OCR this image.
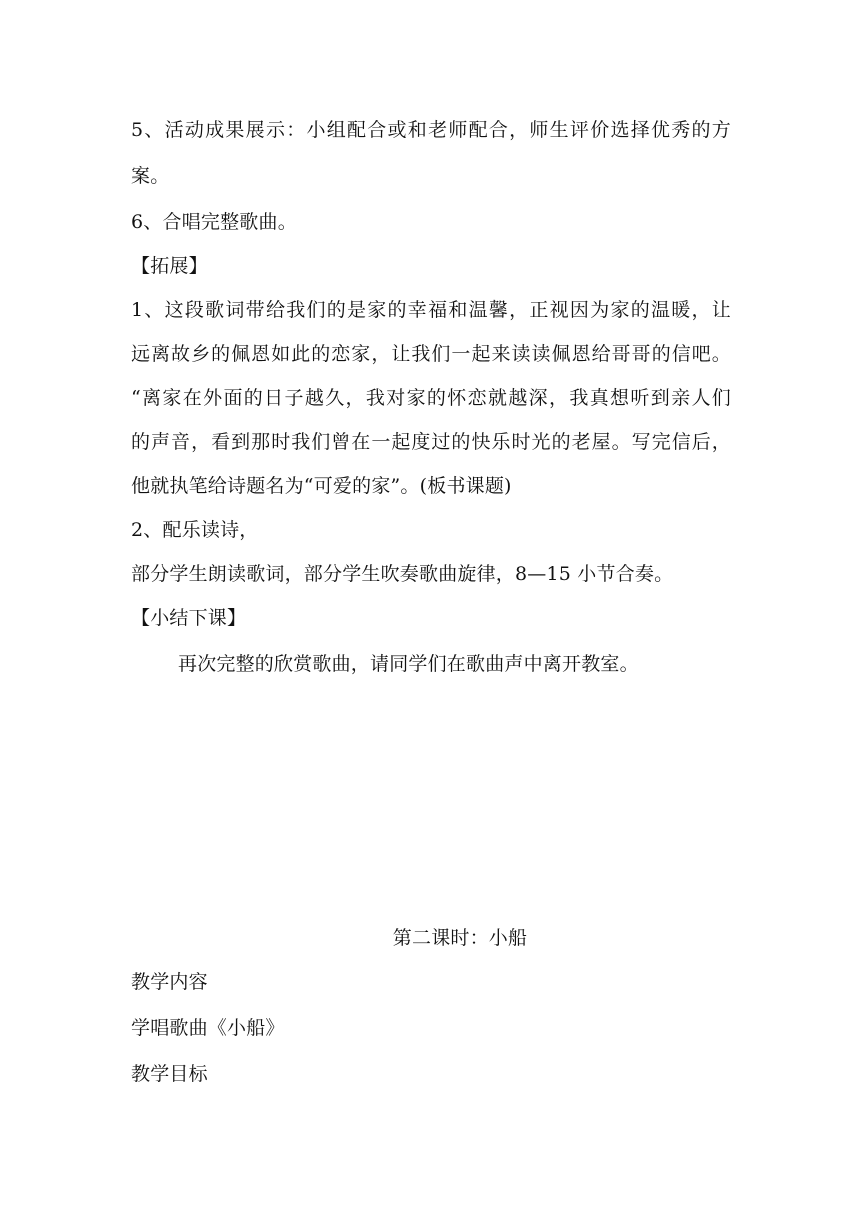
5、活动成果展示：小组配合或和老师配合，师生评价选择优秀的方
案。
6、合唱完整歌曲。
【拓展】
1、这段歌词带给我们的是家的幸福和温馨，正视因为家的温暖，让
远离故乡的佩恩如此的恋家，让我们一起来读读佩恩给哥哥的信吧。
“离家在外面的日子越久，我对家的怀恋就越深，我真想听到亲人们
的声音，看到那时我们曾在一起度过的快乐时光的老屋。写完信后，
他就执笔给诗题名为“可爱的家”。(板书课题)
2、配乐读诗，
部分学生朗读歌词，部分学生吹奏歌曲旋律，8—15 小节合奏。
【小结下课】
再次完整的欣赏歌曲，请同学们在歌曲声中离开教室。
第二课时：小船
教学内容
学唱歌曲《小船》
教学目标
